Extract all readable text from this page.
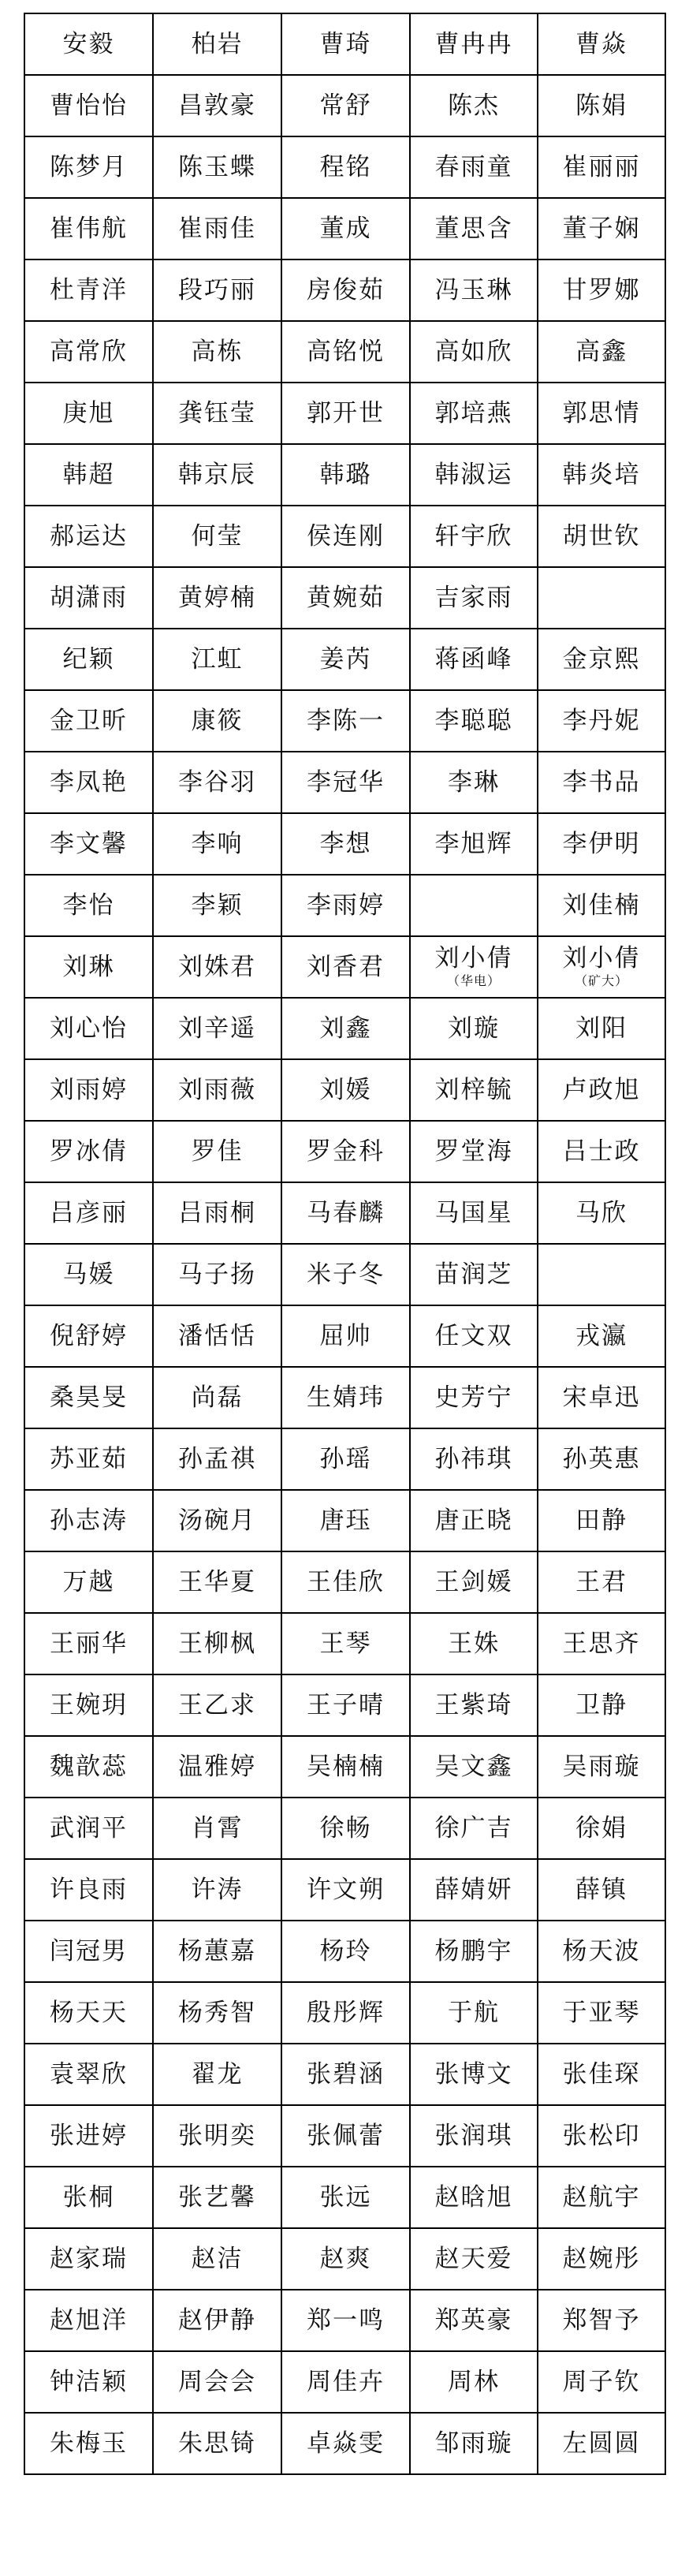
安毅	柏岩	曹琦	曹冉冉	曹焱

曹怡怡	昌敦豪	常舒	陈杰	陈娟

陈梦月	陈玉蝶	程铭	春雨童	崔丽丽

崔伟航	崔雨佳	董成	董思含	董子娴

杜青洋	段巧丽	房俊茹	冯玉琳	甘罗娜

高常欣	高栋	高铭悦	高如欣	高鑫

庚旭	龚钰莹	郭开世	郭培燕	郭思情

韩超	韩京辰	韩璐	韩淑运	韩炎培

郝运达	何莹	侯连刚	轩宇欣	胡世钦

胡潇雨	黄婷楠	黄婉茹	吉家雨	

纪颖	江虹	姜芮	蒋函峰	金京熙

金卫昕	康筱	李陈一	李聪聪	李丹妮

李凤艳	李谷羽	李冠华	李琳	李书品

李文馨	李响	李想	李旭辉	李伊明

李怡	李颖	李雨婷		刘佳楠

刘琳	刘姝君	刘香君	刘小倩
（华电）	刘小倩
（矿大）

刘心怡	刘辛遥	刘鑫	刘璇	刘阳

刘雨婷	刘雨薇	刘媛	刘梓毓	卢政旭

罗冰倩	罗佳	罗金科	罗堂海	吕士政

吕彦丽	吕雨桐	马春麟	马国星	马欣

马媛	马子扬	米子冬	苗润芝	

倪舒婷	潘恬恬	屈帅	任文双	戎瀛

桑昊旻	尚磊	生婧玮	史芳宁	宋卓迅

苏亚茹	孙孟祺	孙瑶	孙祎琪	孙英惠

孙志涛	汤碗月	唐珏	唐正晓	田静

万越	王华夏	王佳欣	王剑媛	王君

王丽华	王柳枫	王琴	王姝	王思齐

王婉玥	王乙求	王子晴	王紫琦	卫静

魏歆蕊	温雅婷	吴楠楠	吴文鑫	吴雨璇

武润平	肖霄	徐畅	徐广吉	徐娟

许良雨	许涛	许文朔	薛婧妍	薛镇

闫冠男	杨蕙嘉	杨玲	杨鹏宇	杨天波

杨天天	杨秀智	殷彤辉	于航	于亚琴

袁翠欣	翟龙	张碧涵	张博文	张佳琛

张进婷	张明奕	张佩蕾	张润琪	张松印

张桐	张艺馨	张远	赵晗旭	赵航宇

赵家瑞	赵洁	赵爽	赵天爱	赵婉彤

赵旭洋	赵伊静	郑一鸣	郑英豪	郑智予

钟洁颖	周会会	周佳卉	周林	周子钦

朱梅玉	朱思锜	卓焱雯	邹雨璇	左圆圆
